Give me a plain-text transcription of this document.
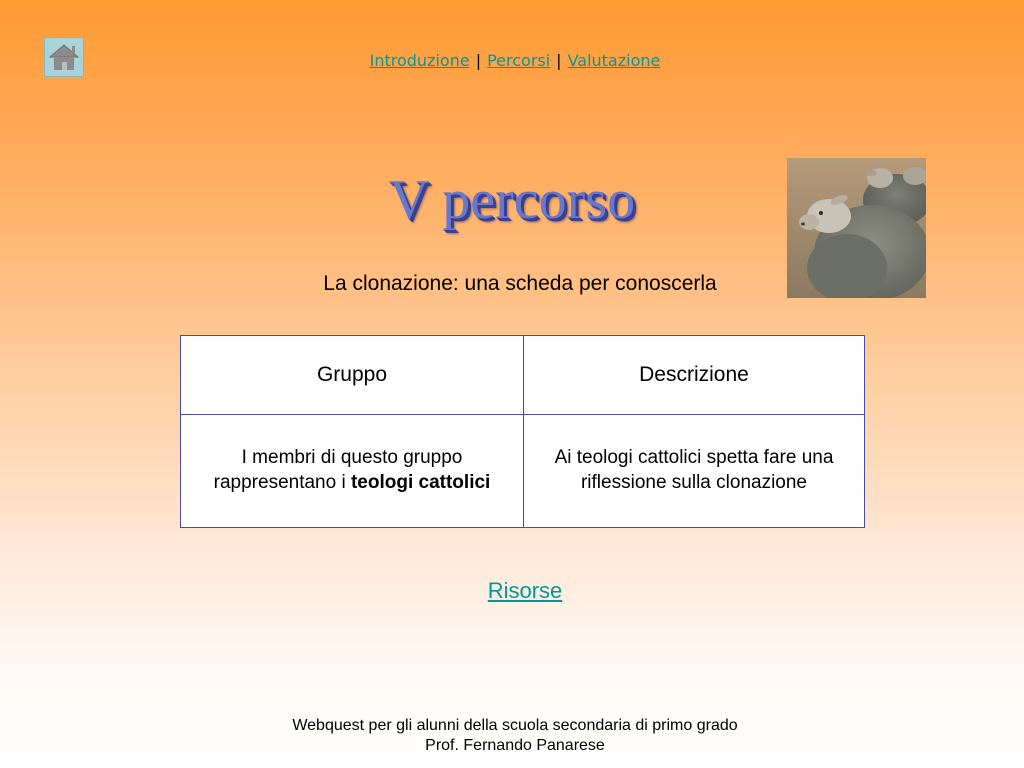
Introduzione | Percorsi | Valutazione
V percorso
La clonazione: una scheda per conoscerla
Gruppo	Descrizione
I membri di questo gruppo rappresentano i teologi cattolici	Ai teologi cattolici spetta fare una riflessione sulla clonazione
Risorse
Webquest per gli alunni della scuola secondaria di primo grado
Prof. Fernando Panarese
